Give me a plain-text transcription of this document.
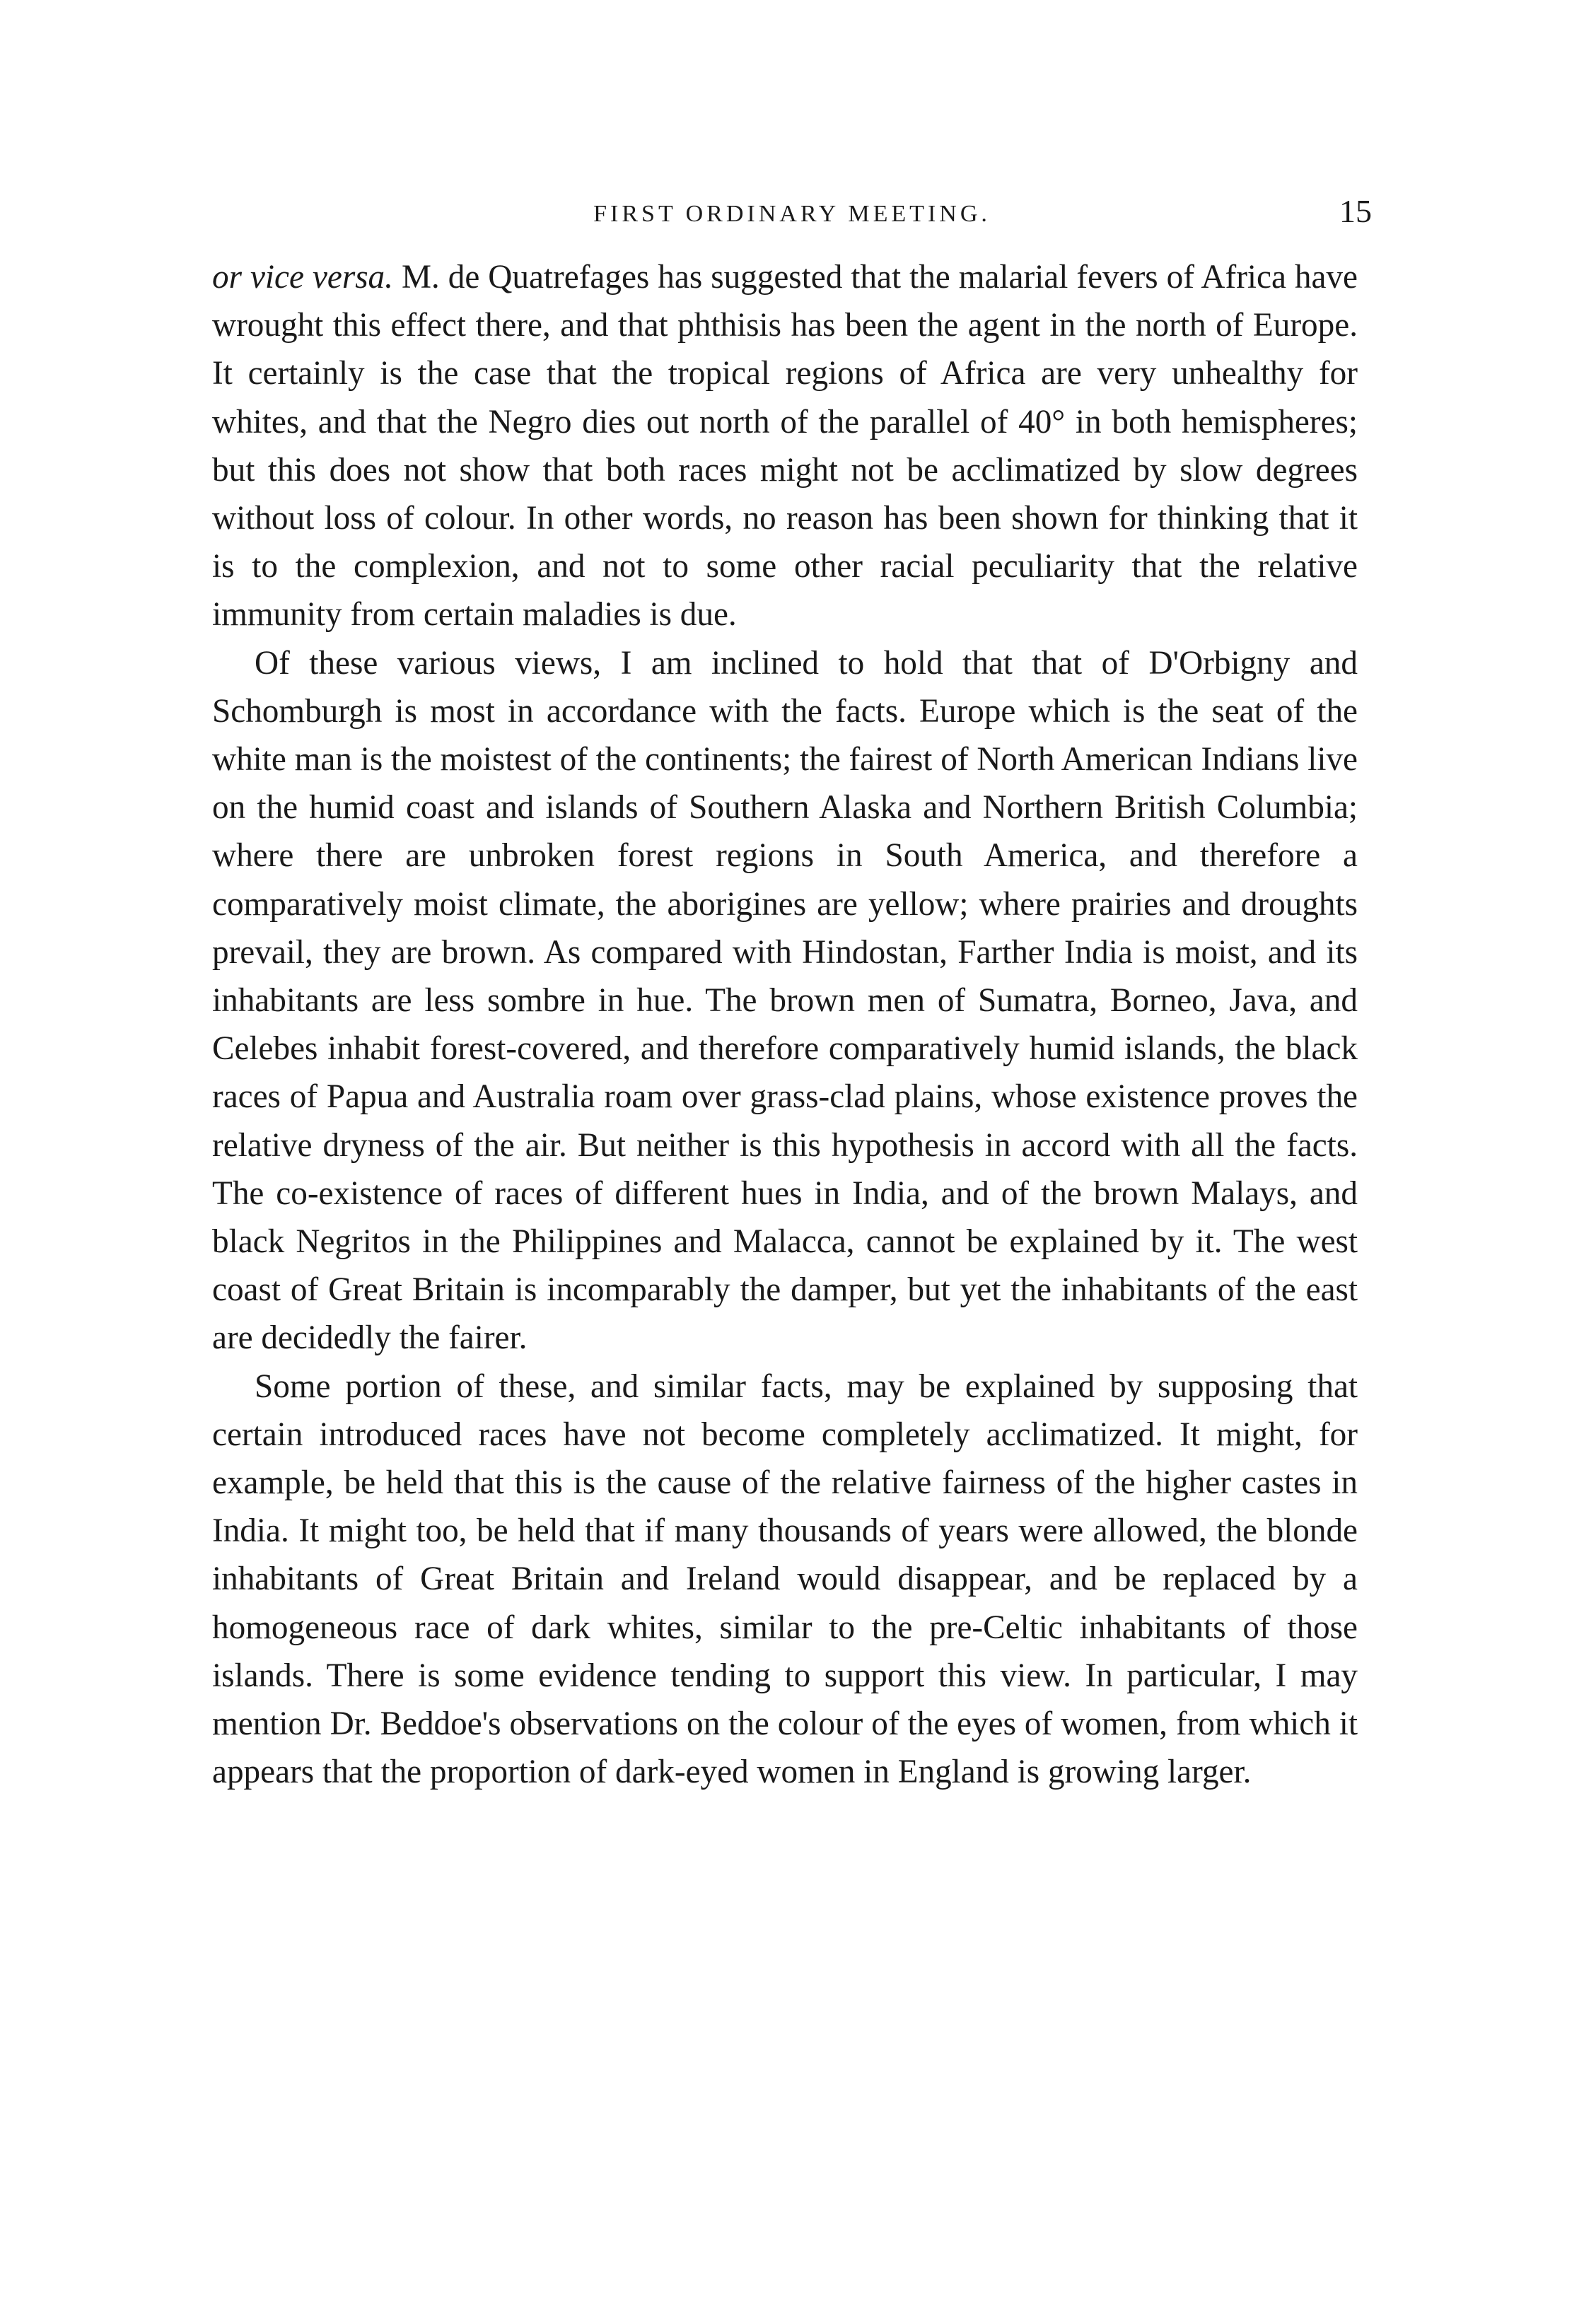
FIRST ORDINARY MEETING.	15

or vice versa. M. de Quatrefages has suggested that the malarial fevers of Africa have wrought this effect there, and that phthisis has been the agent in the north of Europe. It certainly is the case that the tropical regions of Africa are very unhealthy for whites, and that the Negro dies out north of the parallel of 40° in both hemispheres; but this does not show that both races might not be acclimatized by slow degrees without loss of colour. In other words, no reason has been shown for thinking that it is to the complexion, and not to some other racial peculiarity that the relative immunity from certain maladies is due.

Of these various views, I am inclined to hold that that of D'Orbigny and Schomburgh is most in accordance with the facts. Europe which is the seat of the white man is the moistest of the continents; the fairest of North American Indians live on the humid coast and islands of Southern Alaska and Northern British Columbia; where there are unbroken forest regions in South America, and therefore a comparatively moist climate, the aborigines are yellow; where prairies and droughts prevail, they are brown. As compared with Hindostan, Farther India is moist, and its inhabitants are less sombre in hue. The brown men of Sumatra, Borneo, Java, and Celebes inhabit forest-covered, and therefore comparatively humid islands, the black races of Papua and Australia roam over grass-clad plains, whose existence proves the relative dryness of the air. But neither is this hypothesis in accord with all the facts. The co-existence of races of different hues in India, and of the brown Malays, and black Negritos in the Philippines and Malacca, cannot be explained by it. The west coast of Great Britain is incomparably the damper, but yet the inhabitants of the east are decidedly the fairer.

Some portion of these, and similar facts, may be explained by supposing that certain introduced races have not become completely acclimatized. It might, for example, be held that this is the cause of the relative fairness of the higher castes in India. It might too, be held that if many thousands of years were allowed, the blonde inhabitants of Great Britain and Ireland would disappear, and be replaced by a homogeneous race of dark whites, similar to the pre-Celtic inhabitants of those islands. There is some evidence tending to support this view. In particular, I may mention Dr. Beddoe's observations on the colour of the eyes of women, from which it appears that the proportion of dark-eyed women in England is growing larger.
